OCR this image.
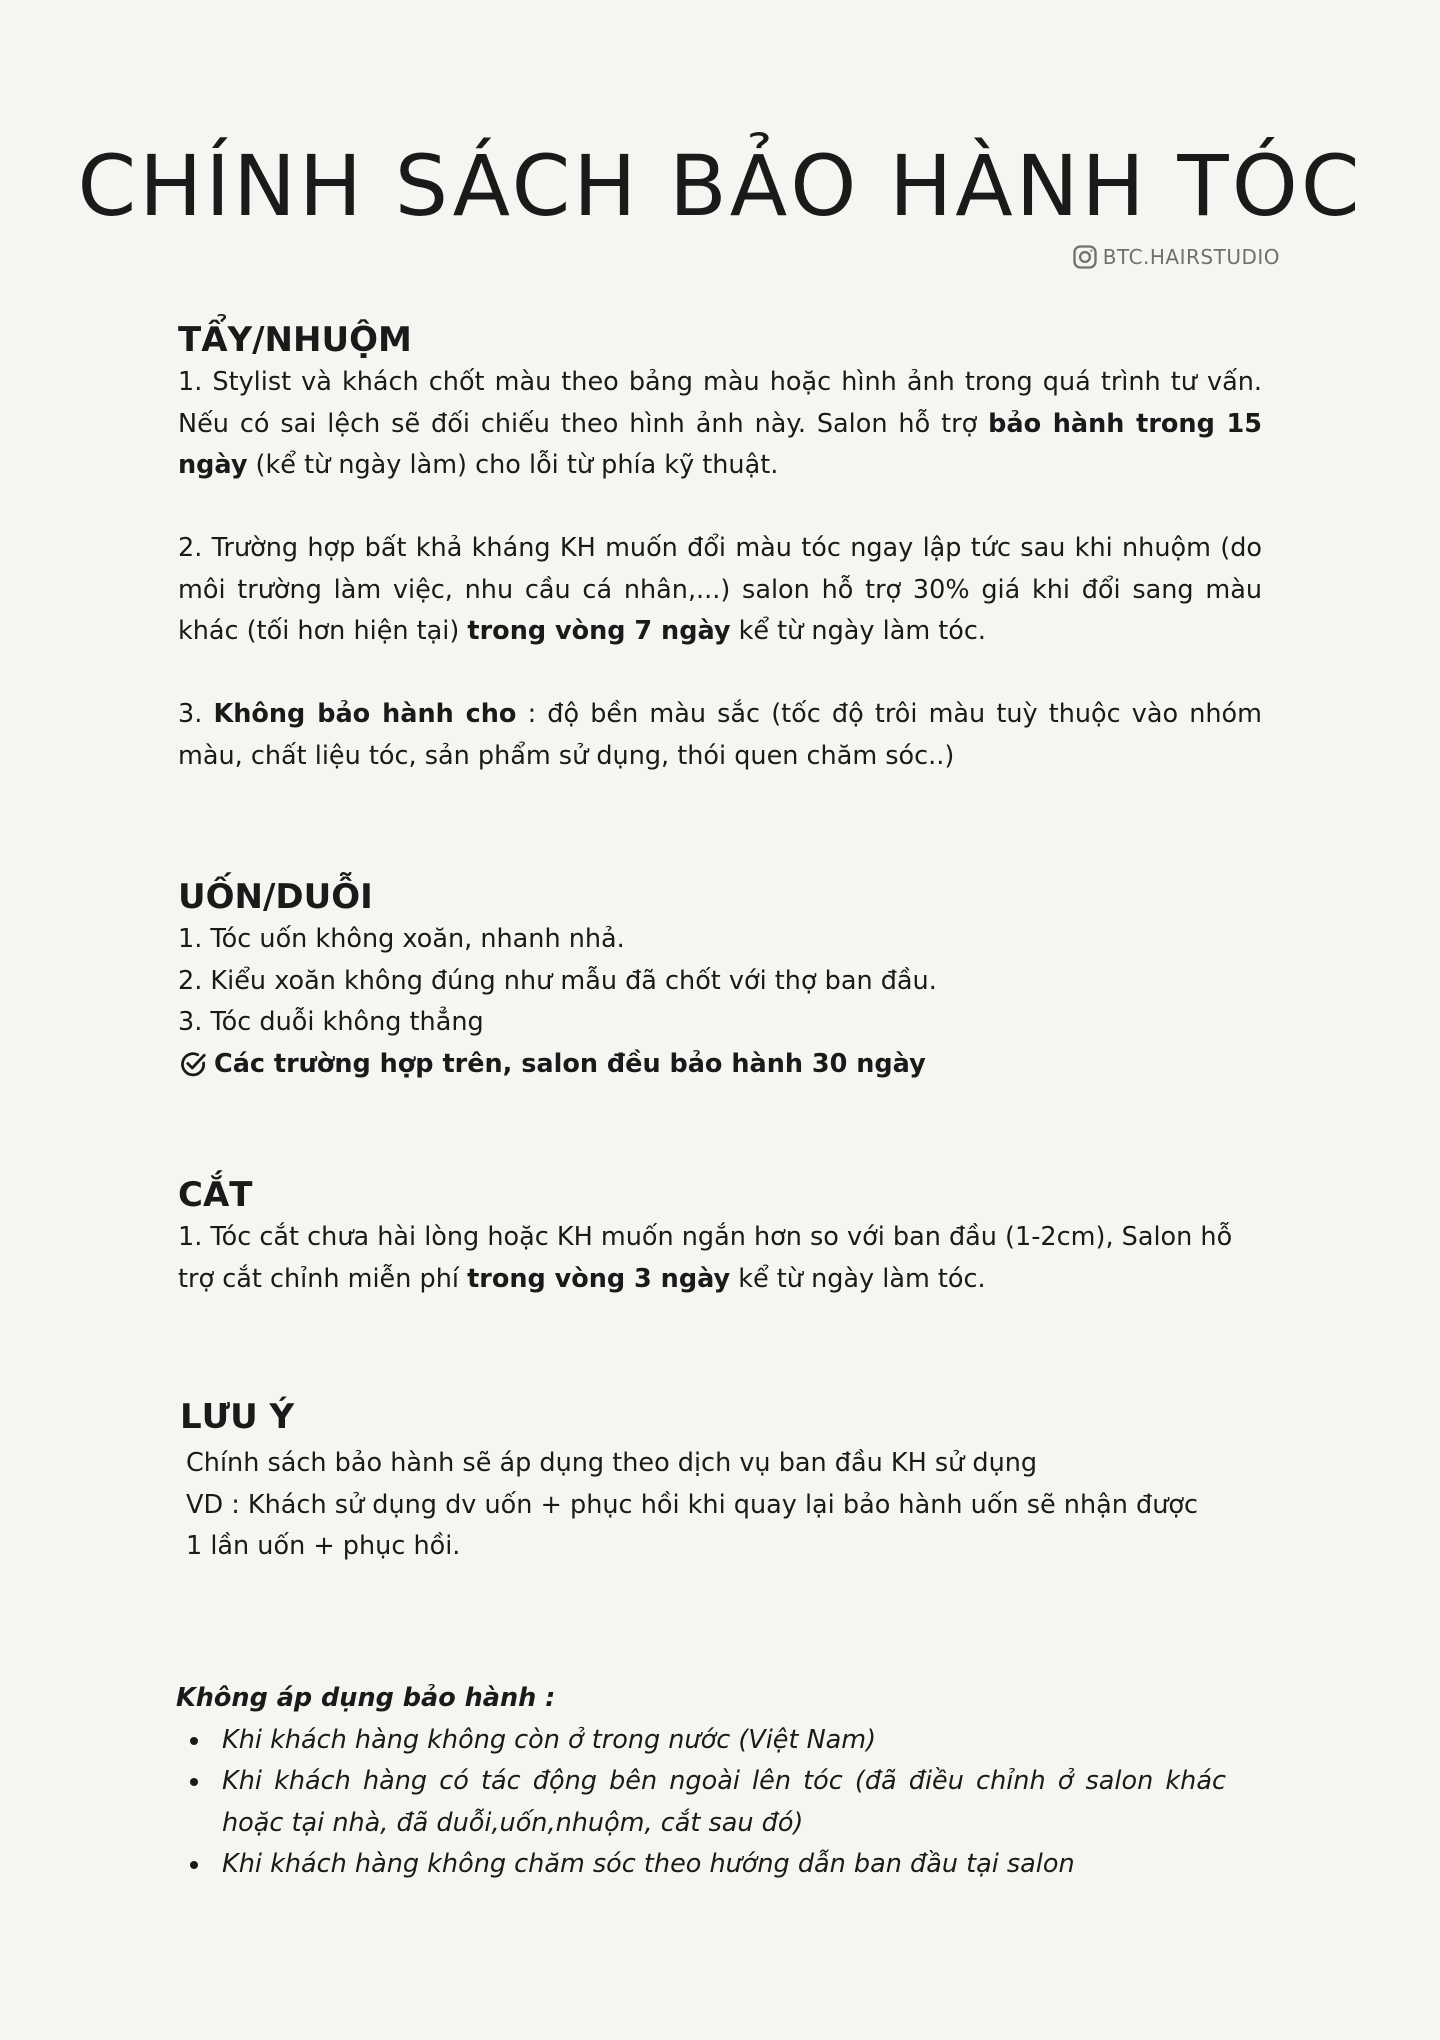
CHÍNH SÁCH BẢO HÀNH TÓC
BTC.HAIRSTUDIO
TẨY/NHUỘM

1. Stylist và khách chốt màu theo bảng màu hoặc hình ảnh trong quá trình tư vấn. Nếu có sai lệch sẽ đối chiếu theo hình ảnh này. Salon hỗ trợ bảo hành trong 15 ngày (kể từ ngày làm) cho lỗi từ phía kỹ thuật.

2. Trường hợp bất khả kháng KH muốn đổi màu tóc ngay lập tức sau khi nhuộm (do môi trường làm việc, nhu cầu cá nhân,...) salon hỗ trợ 30% giá khi đổi sang màu khác (tối hơn hiện tại) trong vòng 7 ngày kể từ ngày làm tóc.

3. Không bảo hành cho : độ bền màu sắc (tốc độ trôi màu tuỳ thuộc vào nhóm màu, chất liệu tóc, sản phẩm sử dụng, thói quen chăm sóc..)

UỐN/DUỖI

1. Tóc uốn không xoăn, nhanh nhả.

2. Kiểu xoăn không đúng như mẫu đã chốt với thợ ban đầu.

3. Tóc duỗi không thẳng

Các trường hợp trên, salon đều bảo hành 30 ngày
CẮT

1. Tóc cắt chưa hài lòng hoặc KH muốn ngắn hơn so với ban đầu (1-2cm), Salon hỗ trợ cắt chỉnh miễn phí trong vòng 3 ngày kể từ ngày làm tóc.

LƯU Ý

Chính sách bảo hành sẽ áp dụng theo dịch vụ ban đầu KH sử dụng

VD : Khách sử dụng dv uốn + phục hồi khi quay lại bảo hành uốn sẽ nhận được 1 lần uốn + phục hồi.

Không áp dụng bảo hành :

Khi khách hàng không còn ở trong nước (Việt Nam)
Khi khách hàng có tác động bên ngoài lên tóc (đã điều chỉnh ở salon khác hoặc tại nhà, đã duỗi,uốn,nhuộm, cắt sau đó)
Khi khách hàng không chăm sóc theo hướng dẫn ban đầu tại salon
